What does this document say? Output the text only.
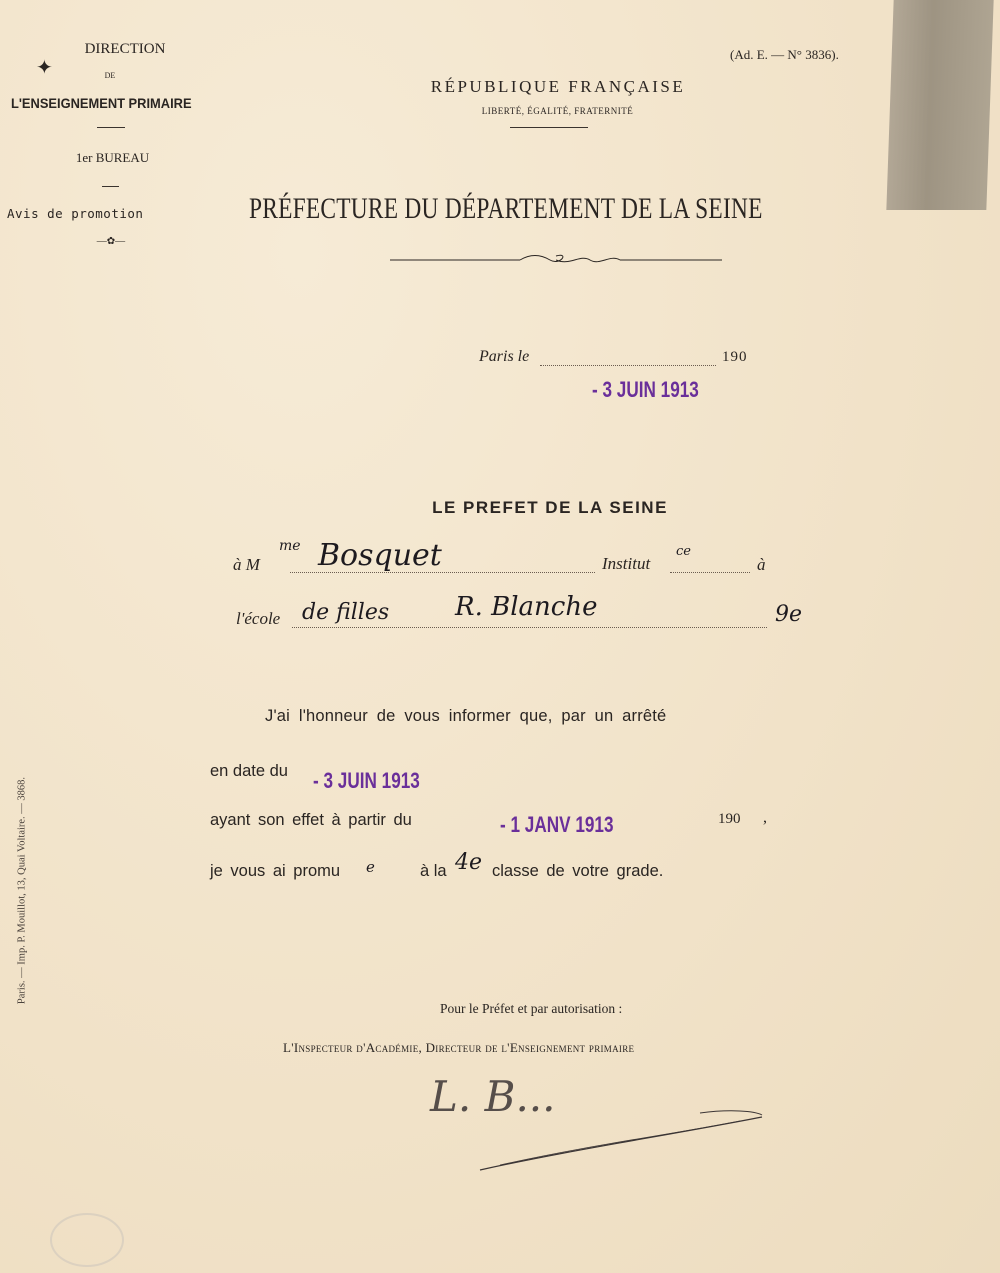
DIRECTION
✦	DE
L'ENSEIGNEMENT PRIMAIRE
1er BUREAU
Avis de promotion
—✿—
(Ad. E. — N° 3836).
RÉPUBLIQUE FRANÇAISE
LIBERTÉ, ÉGALITÉ, FRATERNITÉ
PRÉFECTURE DU DÉPARTEMENT DE LA SEINE
Paris le	190
- 3 JUIN 1913
LE PREFET DE LA SEINE
à M
me Bosquet	Institut
ce
à
l'école de filles	R. Blanche	9e
J'ai l'honneur de vous informer que, par un arrêté
en date du - 3 JUIN 1913
ayant son effet à partir du	- 1 JANV 1913	190 ,
je vous ai promu e	à la 4e classe de votre grade.
Pour le Préfet et par autorisation :
L'Inspecteur d'Académie, Directeur de l'Enseignement primaire
L. B...
Paris. — Imp. P. Mouillot, 13, Quai Voltaire. — 3868.
